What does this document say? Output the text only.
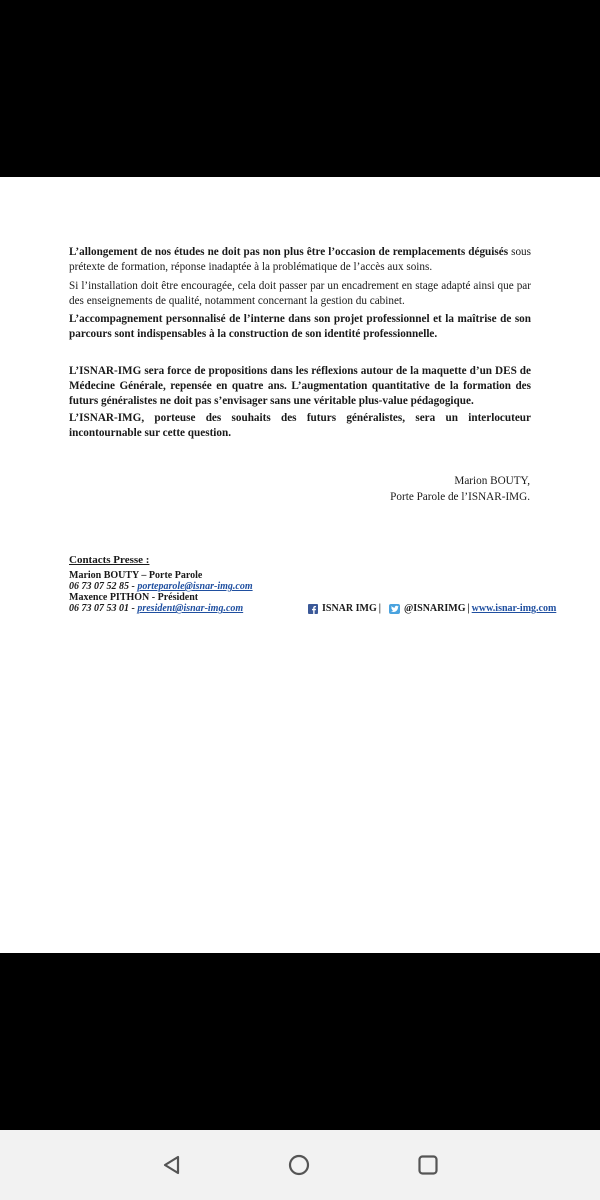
L’allongement de nos études ne doit pas non plus être l’occasion de remplacements déguisés sous prétexte de formation, réponse inadaptée à la problématique de l’accès aux soins.
Si l’installation doit être encouragée, cela doit passer par un encadrement en stage adapté ainsi que par des enseignements de qualité, notamment concernant la gestion du cabinet.
L’accompagnement personnalisé de l’interne dans son projet professionnel et la maîtrise de son parcours sont indispensables à la construction de son identité professionnelle.
L’ISNAR-IMG sera force de propositions dans les réflexions autour de la maquette d’un DES de Médecine Générale, repensée en quatre ans. L’augmentation quantitative de la formation des futurs généralistes ne doit pas s’envisager sans une véritable plus-value pédagogique.
L’ISNAR-IMG, porteuse des souhaits des futurs généralistes, sera un interlocuteur incontournable sur cette question.
Marion BOUTY,
Porte Parole de l’ISNAR-IMG.
Contacts Presse :
Marion BOUTY – Porte Parole
06 73 07 52 85 - porteparole@isnar-img.com
Maxence PITHON - Président
06 73 07 53 01 - president@isnar-img.com	ISNAR IMG | @ISNARIMG | www.isnar-img.com
